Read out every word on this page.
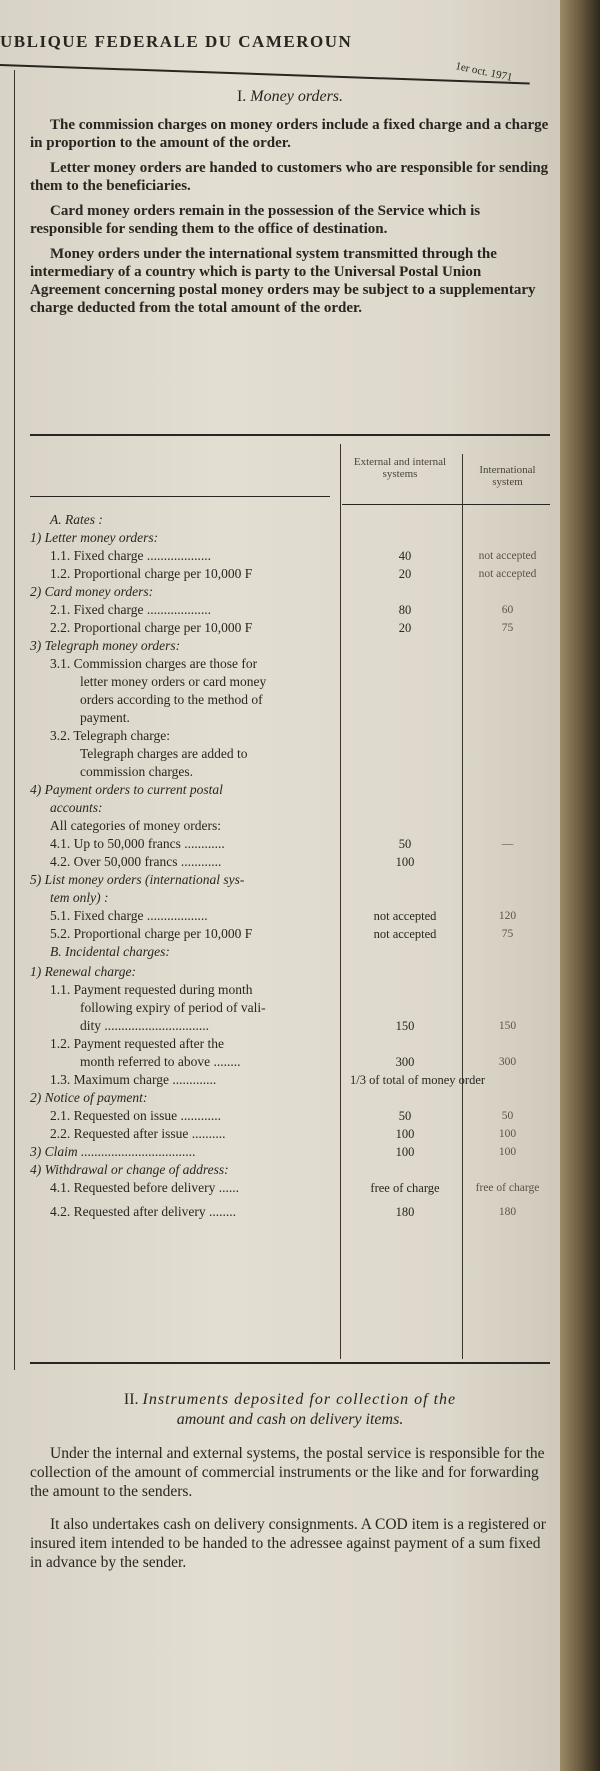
UBLIQUE FEDERALE DU CAMEROUN
1er oct. 1971
I. Money orders.

The commission charges on money orders include a fixed charge and a charge in proportion to the amount of the order.

Letter money orders are handed to customers who are responsible for sending them to the beneficiaries.

Card money orders remain in the possession of the Service which is responsible for sending them to the office of destination.

Money orders under the international system transmitted through the intermediary of a country which is party to the Universal Postal Union Agreement concerning postal money orders may be subject to a supplementary charge deducted from the total amount of the order.

External and internal systems	International system
A. Rates :
1) Letter money orders:
1.1. Fixed charge ...................	40	not accepted
1.2. Proportional charge per 10,000 F	20	not accepted
2) Card money orders:
2.1. Fixed charge ...................	80	60
2.2. Proportional charge per 10,000 F	20	75
3) Telegraph money orders:
3.1. Commission charges are those for
letter money orders or card money
orders according to the method of
payment.
3.2. Telegraph charge:
Telegraph charges are added to
commission charges.
4) Payment orders to current postal
accounts:
All categories of money orders:
4.1. Up to 50,000 francs ............	50	—
4.2. Over 50,000 francs ............	100
5) List money orders (international sys-
tem only) :
5.1. Fixed charge ..................	not accepted	120
5.2. Proportional charge per 10,000 F	not accepted	75
B. Incidental charges:
1) Renewal charge:
1.1. Payment requested during month
following expiry of period of vali-
dity ...............................	150	150
1.2. Payment requested after the
month referred to above ........	300	300
1.3. Maximum charge .............	1/3 of total of money order
2) Notice of payment:
2.1. Requested on issue ............	50	50
2.2. Requested after issue ..........	100	100
3) Claim ..................................	100	100
4) Withdrawal or change of address:
4.1. Requested before delivery ......	free of charge	free of charge
4.2. Requested after delivery ........	180	180
II. Instruments deposited for collection of the
amount and cash on delivery items.

Under the internal and external systems, the postal service is responsible for the collection of the amount of commercial instruments or the like and for forwarding the amount to the senders.

It also undertakes cash on delivery consignments. A COD item is a registered or insured item intended to be handed to the adressee against payment of a sum fixed in advance by the sender.
